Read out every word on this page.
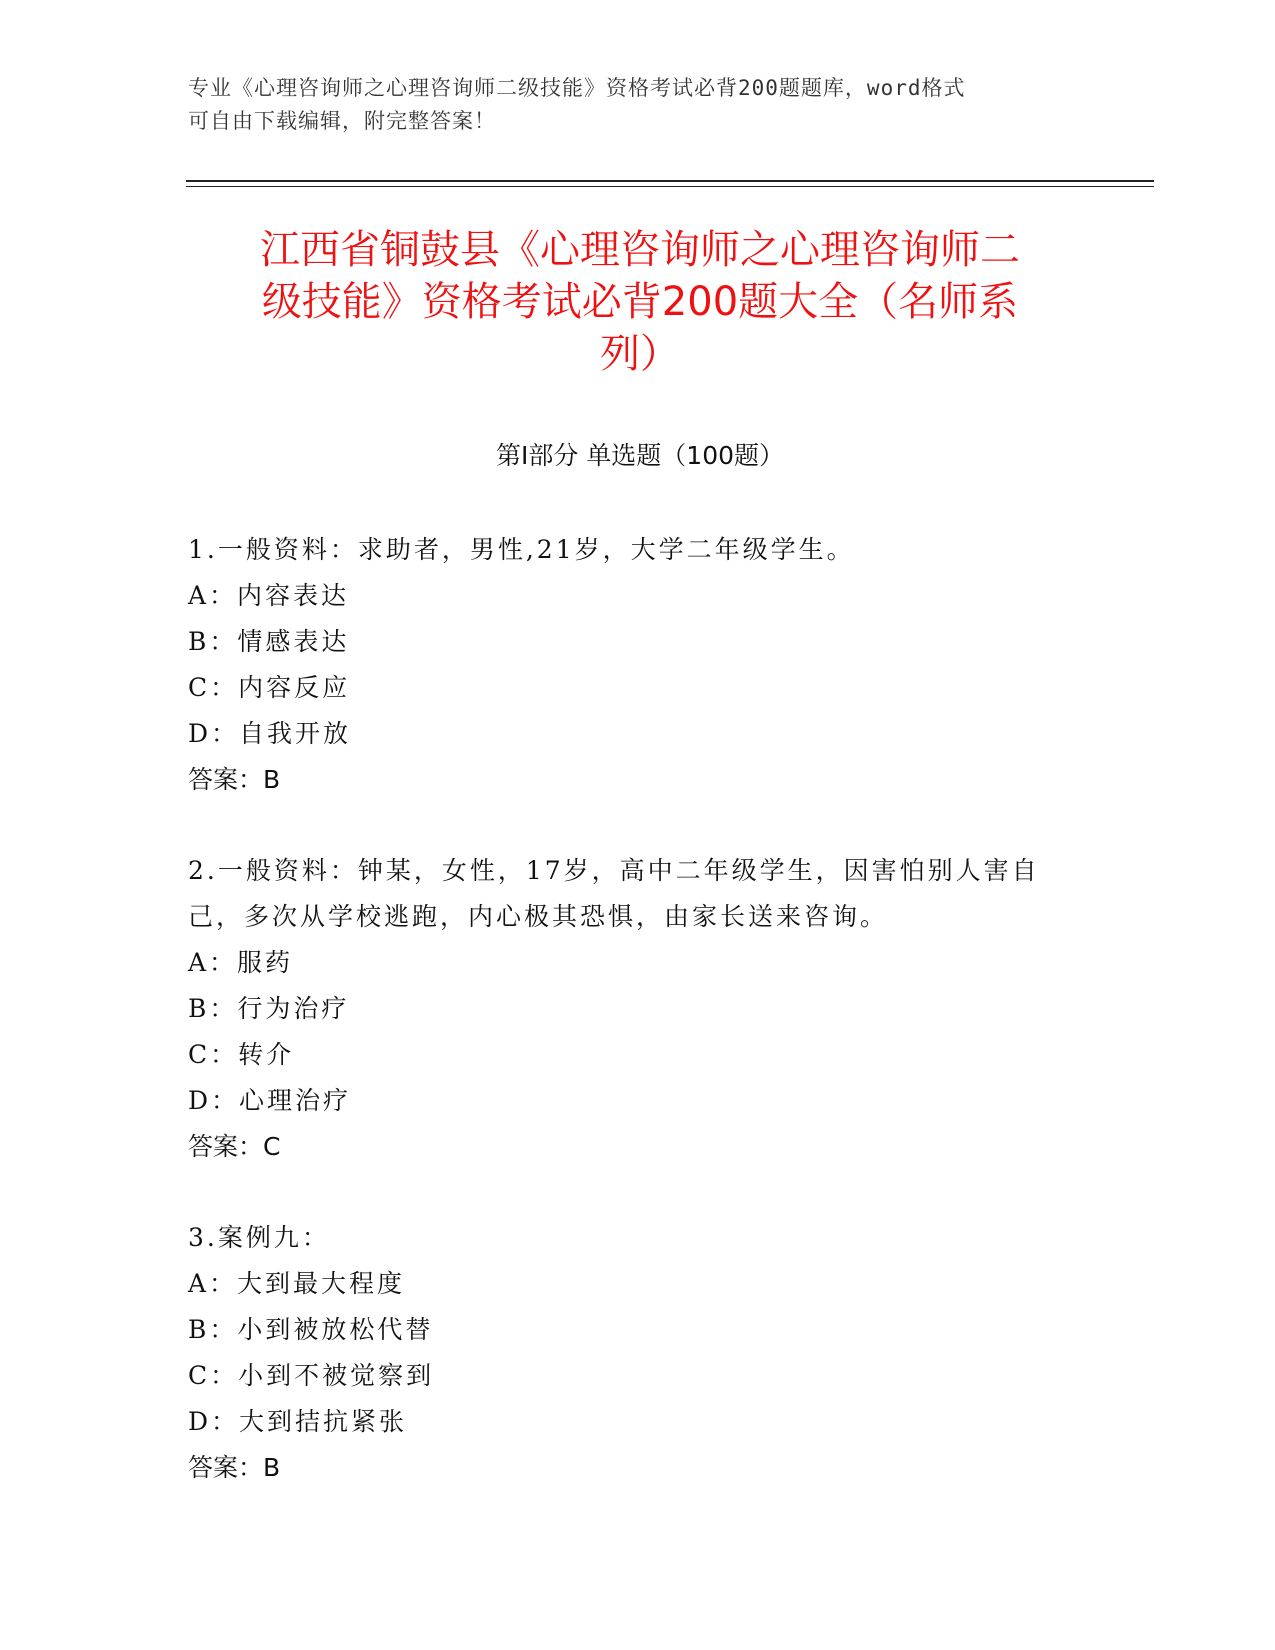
专业《心理咨询师之心理咨询师二级技能》资格考试必背200题题库，word格式
可自由下载编辑，附完整答案！
江西省铜鼓县《心理咨询师之心理咨询师二
级技能》资格考试必背200题大全（名师系
列）
第Ⅰ部分 单选题（100题）

1.一般资料：求助者，男性,21岁，大学二年级学生。

A：内容表达

B：情感表达

C：内容反应

D：自我开放

答案：B

2.一般资料：钟某，女性，17岁，高中二年级学生，因害怕别人害自己，多次从学校逃跑，内心极其恐惧，由家长送来咨询。

A：服药

B：行为治疗

C：转介

D：心理治疗

答案：C

3.案例九：

A：大到最大程度

B：小到被放松代替

C：小到不被觉察到

D：大到拮抗紧张

答案：B
